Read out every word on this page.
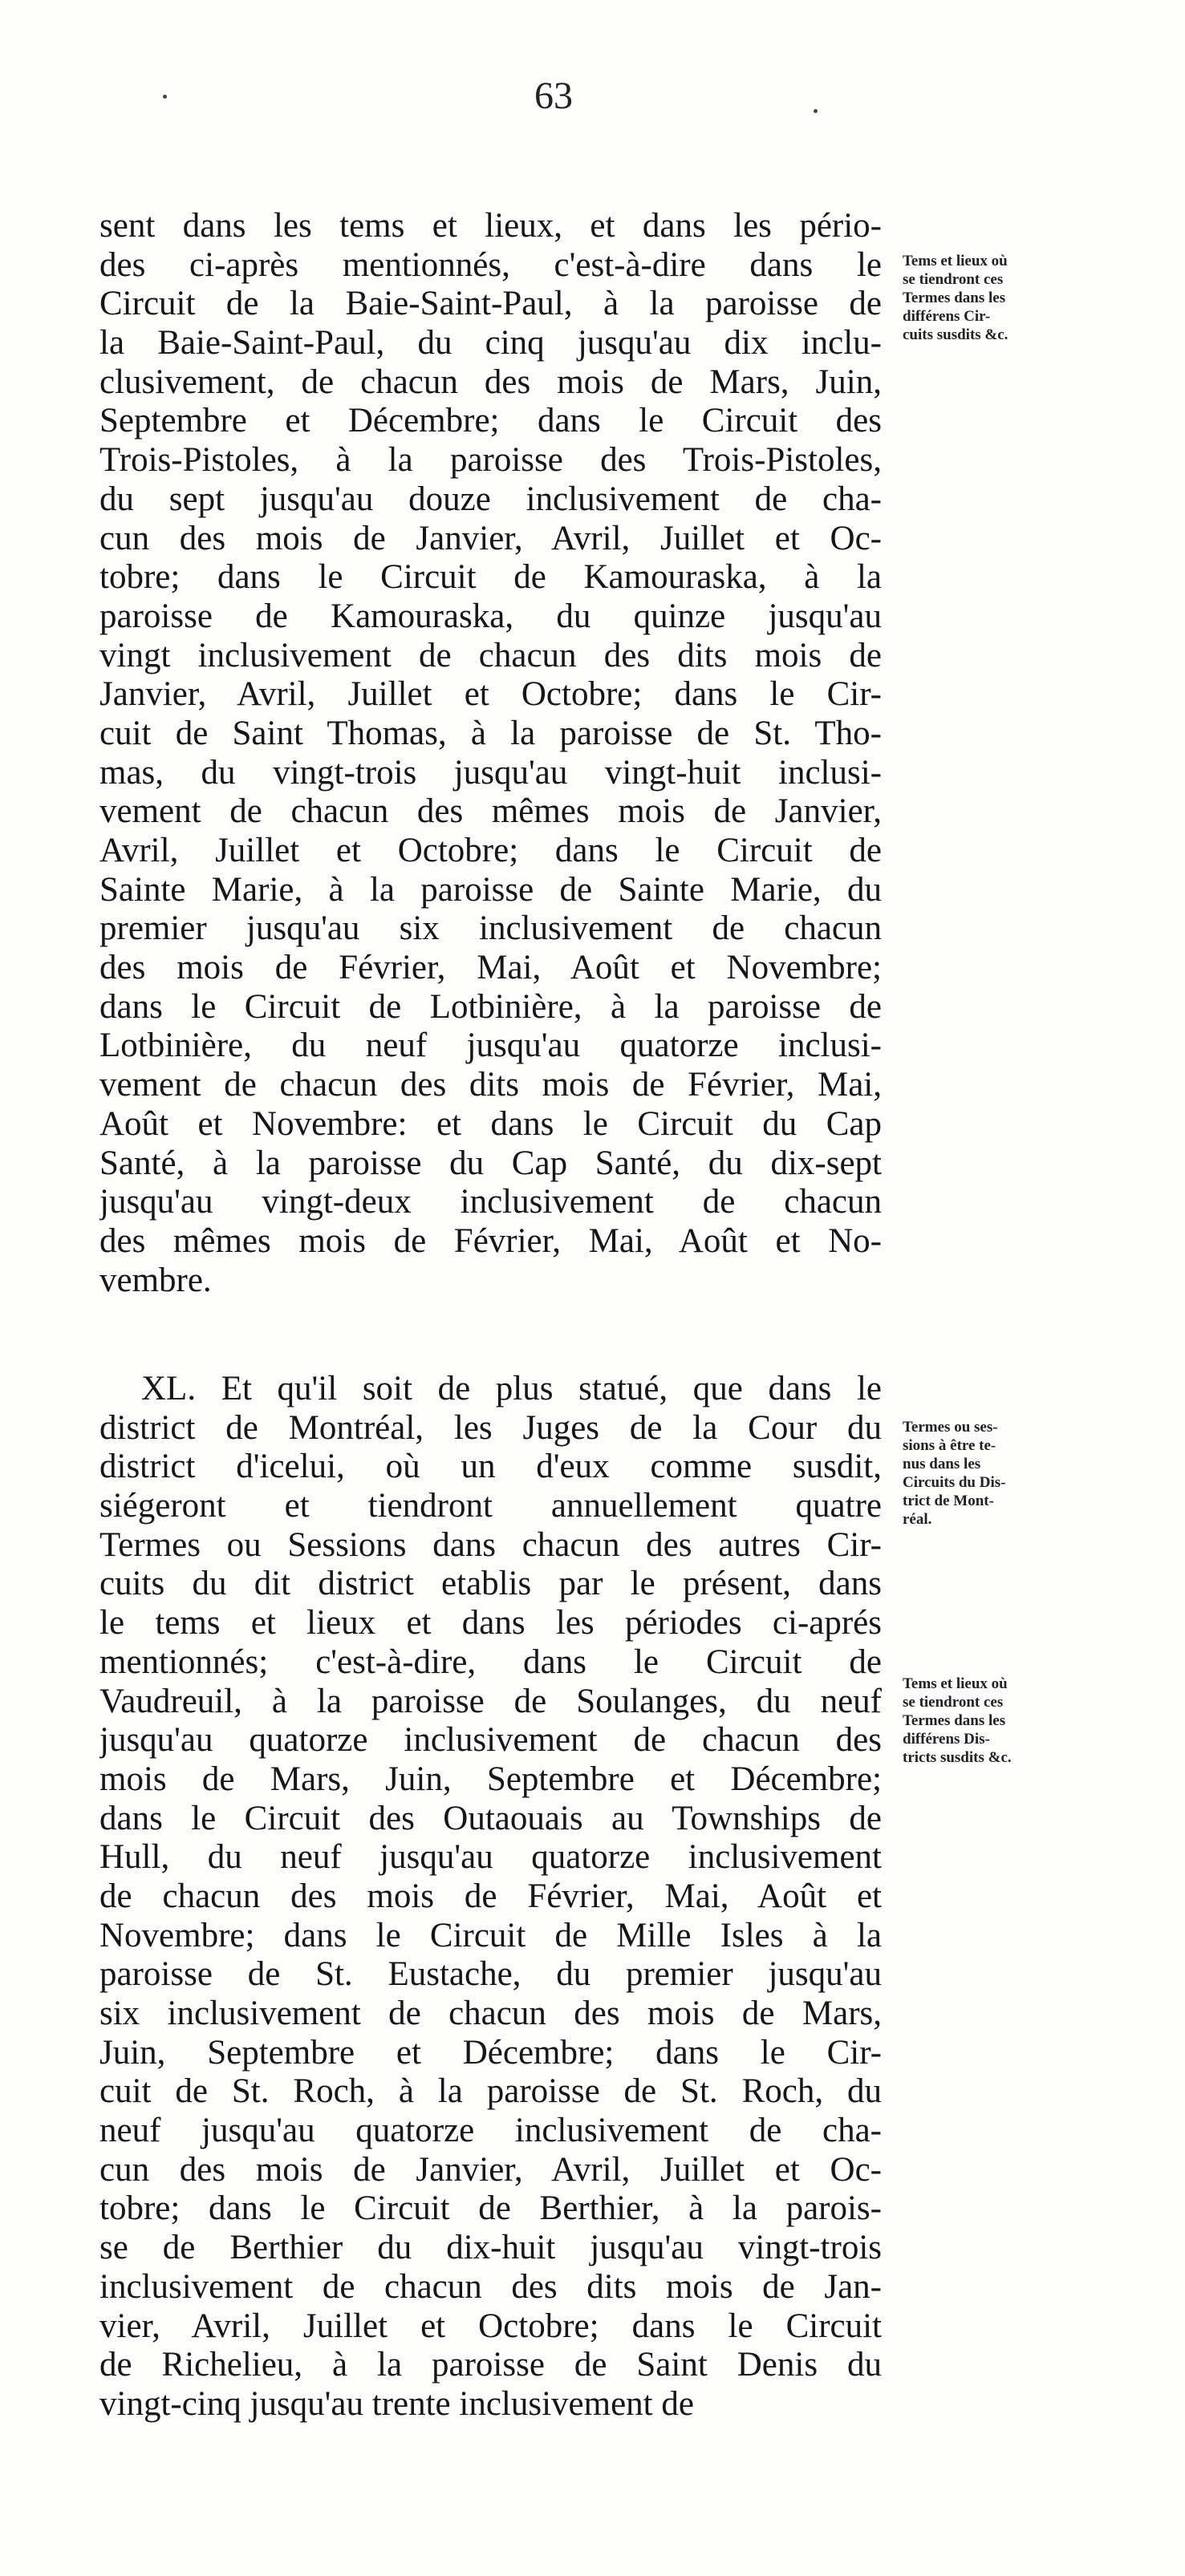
63
sent dans les tems et lieux, et dans les pério-
des ci-après mentionnés, c'est-à-dire dans le
Circuit de la Baie-Saint-Paul, à la paroisse de
la Baie-Saint-Paul, du cinq jusqu'au dix inclu-
clusivement, de chacun des mois de Mars, Juin,
Septembre et Décembre; dans le Circuit des
Trois-Pistoles, à la paroisse des Trois-Pistoles,
du sept jusqu'au douze inclusivement de cha-
cun des mois de Janvier, Avril, Juillet et Oc-
tobre; dans le Circuit de Kamouraska, à la
paroisse de Kamouraska, du quinze jusqu'au
vingt inclusivement de chacun des dits mois de
Janvier, Avril, Juillet et Octobre; dans le Cir-
cuit de Saint Thomas, à la paroisse de St. Tho-
mas, du vingt-trois jusqu'au vingt-huit inclusi-
vement de chacun des mêmes mois de Janvier,
Avril, Juillet et Octobre; dans le Circuit de
Sainte Marie, à la paroisse de Sainte Marie, du
premier jusqu'au six inclusivement de chacun
des mois de Février, Mai, Août et Novembre;
dans le Circuit de Lotbinière, à la paroisse de
Lotbinière, du neuf jusqu'au quatorze inclusi-
vement de chacun des dits mois de Février, Mai,
Août et Novembre: et dans le Circuit du Cap
Santé, à la paroisse du Cap Santé, du dix-sept
jusqu'au vingt-deux inclusivement de chacun
des mêmes mois de Février, Mai, Août et No-
vembre.
XL. Et qu'il soit de plus statué, que dans le
district de Montréal, les Juges de la Cour du
district d'icelui, où un d'eux comme susdit,
siégeront et tiendront annuellement quatre
Termes ou Sessions dans chacun des autres Cir-
cuits du dit district etablis par le présent, dans
le tems et lieux et dans les périodes ci-aprés
mentionnés; c'est-à-dire, dans le Circuit de
Vaudreuil, à la paroisse de Soulanges, du neuf
jusqu'au quatorze inclusivement de chacun des
mois de Mars, Juin, Septembre et Décembre;
dans le Circuit des Outaouais au Townships de
Hull, du neuf jusqu'au quatorze inclusivement
de chacun des mois de Février, Mai, Août et
Novembre; dans le Circuit de Mille Isles à la
paroisse de St. Eustache, du premier jusqu'au
six inclusivement de chacun des mois de Mars,
Juin, Septembre et Décembre; dans le Cir-
cuit de St. Roch, à la paroisse de St. Roch, du
neuf jusqu'au quatorze inclusivement de cha-
cun des mois de Janvier, Avril, Juillet et Oc-
tobre; dans le Circuit de Berthier, à la parois-
se de Berthier du dix-huit jusqu'au vingt-trois
inclusivement de chacun des dits mois de Jan-
vier, Avril, Juillet et Octobre; dans le Circuit
de Richelieu, à la paroisse de Saint Denis du
vingt-cinq jusqu'au trente inclusivement de
Tems et lieux où
se tiendront ces
Termes dans les
différens Cir-
cuits susdits &c.
Termes ou ses-
sions à être te-
nus dans les
Circuits du Dis-
trict de Mont-
réal.
Tems et lieux où
se tiendront ces
Termes dans les
différens Dis-
tricts susdits &c.
